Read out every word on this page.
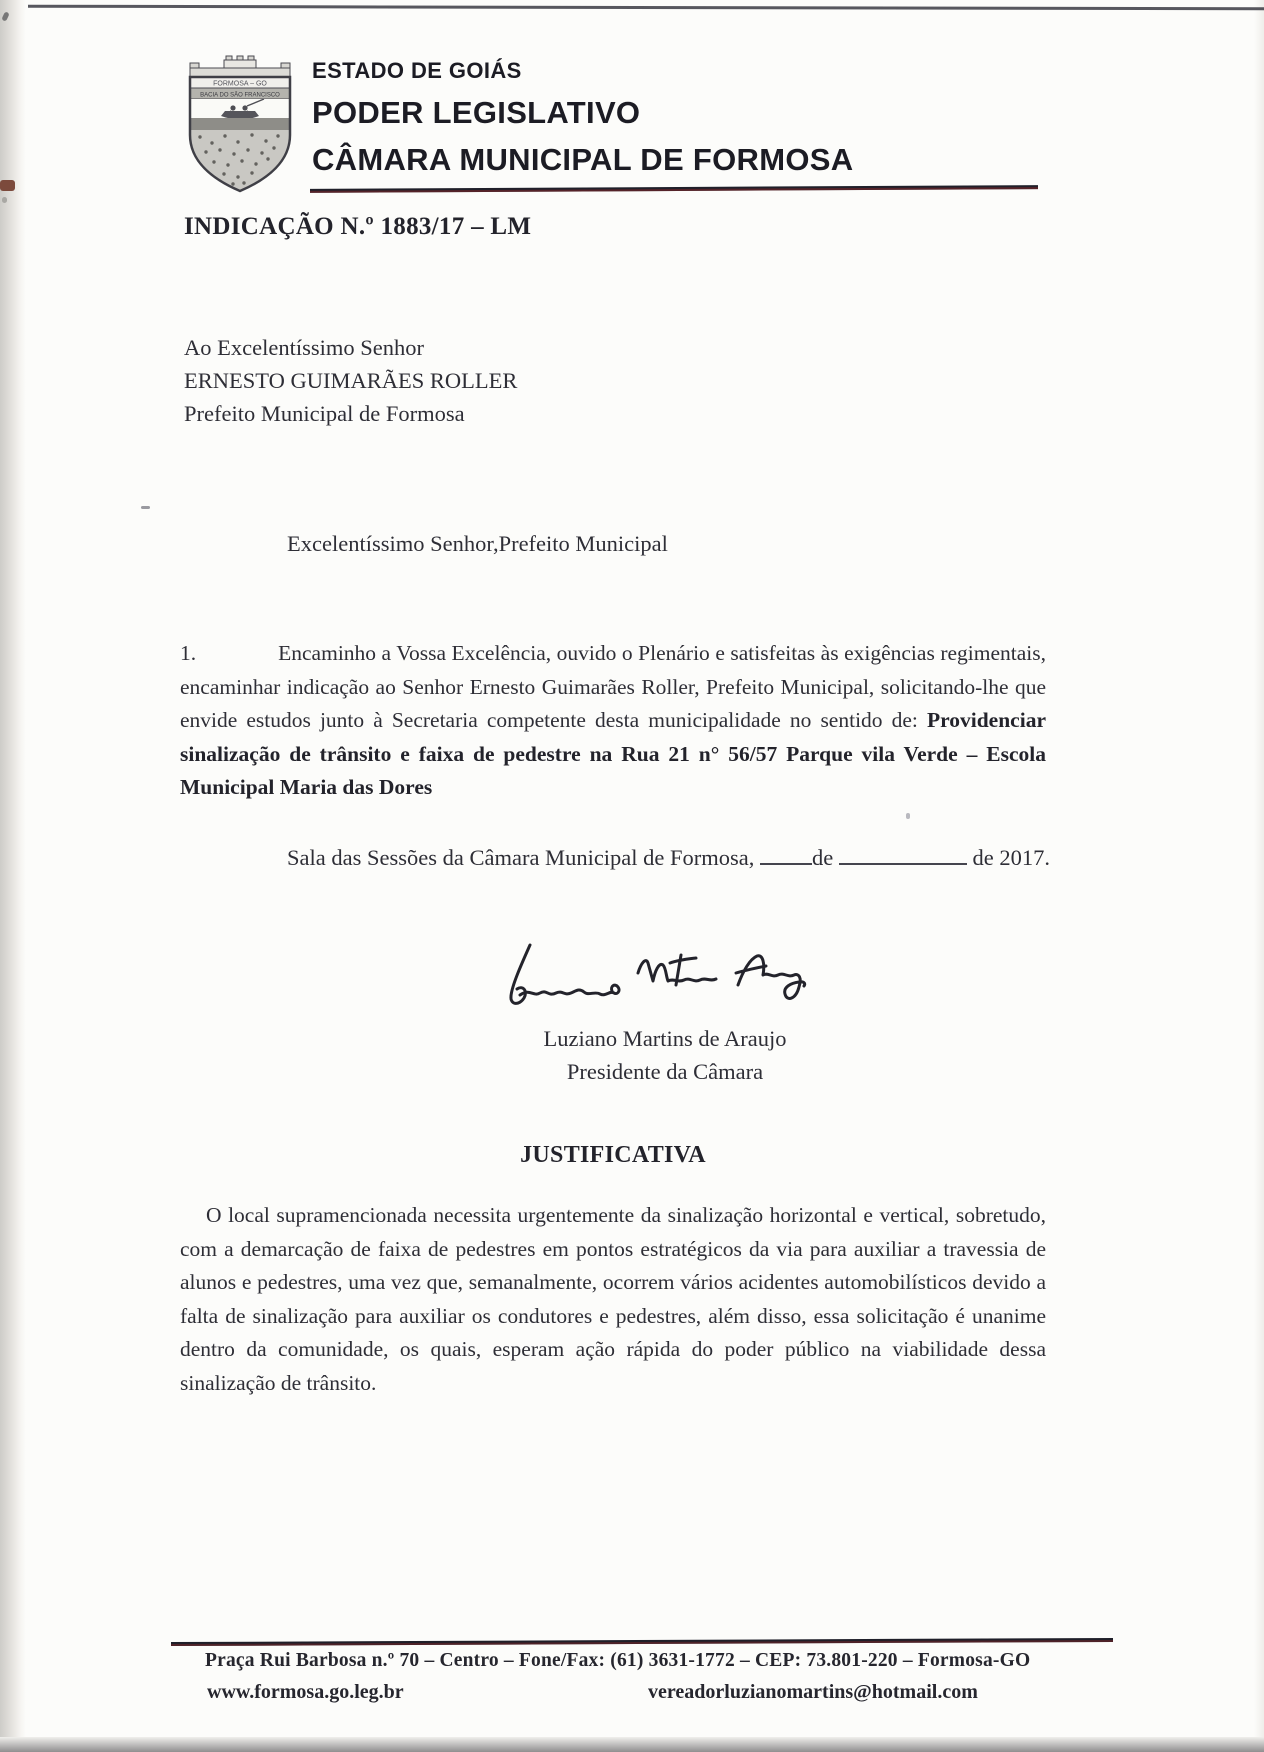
FORMOSA – GO
BACIA DO SÃO FRANCISCO
ESTADO DE GOIÁS
PODER LEGISLATIVO
CÂMARA MUNICIPAL DE FORMOSA
INDICAÇÃO N.º 1883/17 – LM
Ao Excelentíssimo Senhor
ERNESTO GUIMARÃES ROLLER
Prefeito Municipal de Formosa
Excelentíssimo Senhor,Prefeito Municipal

1.	Encaminho a Vossa Excelência, ouvido o Plenário e satisfeitas às exigências regimentais, encaminhar indicação ao Senhor Ernesto Guimarães Roller, Prefeito Municipal, solicitando-lhe que envide estudos junto à Secretaria competente desta municipalidade no sentido de: Providenciar sinalização de trânsito e faixa de pedestre na Rua 21 n° 56/57 Parque vila Verde – Escola Municipal Maria das Dores

Sala das Sessões da Câmara Municipal de Formosa, de	de 2017.
Luziano Martins de Araujo
Presidente da Câmara
JUSTIFICATIVA

O local supramencionada necessita urgentemente da sinalização horizontal e vertical, sobretudo, com a demarcação de faixa de pedestres em pontos estratégicos da via para auxiliar a travessia de alunos e pedestres, uma vez que, semanalmente, ocorrem vários acidentes automobilísticos devido a falta de sinalização para auxiliar os condutores e pedestres, além disso, essa solicitação é unanime dentro da comunidade, os quais, esperam ação rápida do poder público na viabilidade dessa sinalização de trânsito.

Praça Rui Barbosa n.º 70 – Centro – Fone/Fax: (61) 3631-1772 – CEP: 73.801-220 – Formosa-GO
www.formosa.go.leg.br	vereadorluzianomartins@hotmail.com
